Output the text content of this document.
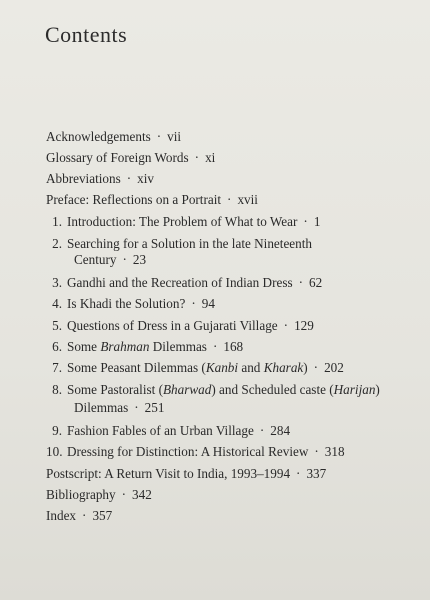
Contents
Acknowledgements · vii
Glossary of Foreign Words · xi
Abbreviations · xiv
Preface: Reflections on a Portrait · xvii
1. Introduction: The Problem of What to Wear · 1
2. Searching for a Solution in the late Nineteenth
Century · 23
3. Gandhi and the Recreation of Indian Dress · 62
4. Is Khadi the Solution? · 94
5. Questions of Dress in a Gujarati Village · 129
6. Some Brahman Dilemmas · 168
7. Some Peasant Dilemmas (Kanbi and Kharak) · 202
8. Some Pastoralist (Bharwad) and Scheduled caste (Harijan)
Dilemmas · 251
9. Fashion Fables of an Urban Village · 284
10. Dressing for Distinction: A Historical Review · 318
Postscript: A Return Visit to India, 1993–1994 · 337
Bibliography · 342
Index · 357
